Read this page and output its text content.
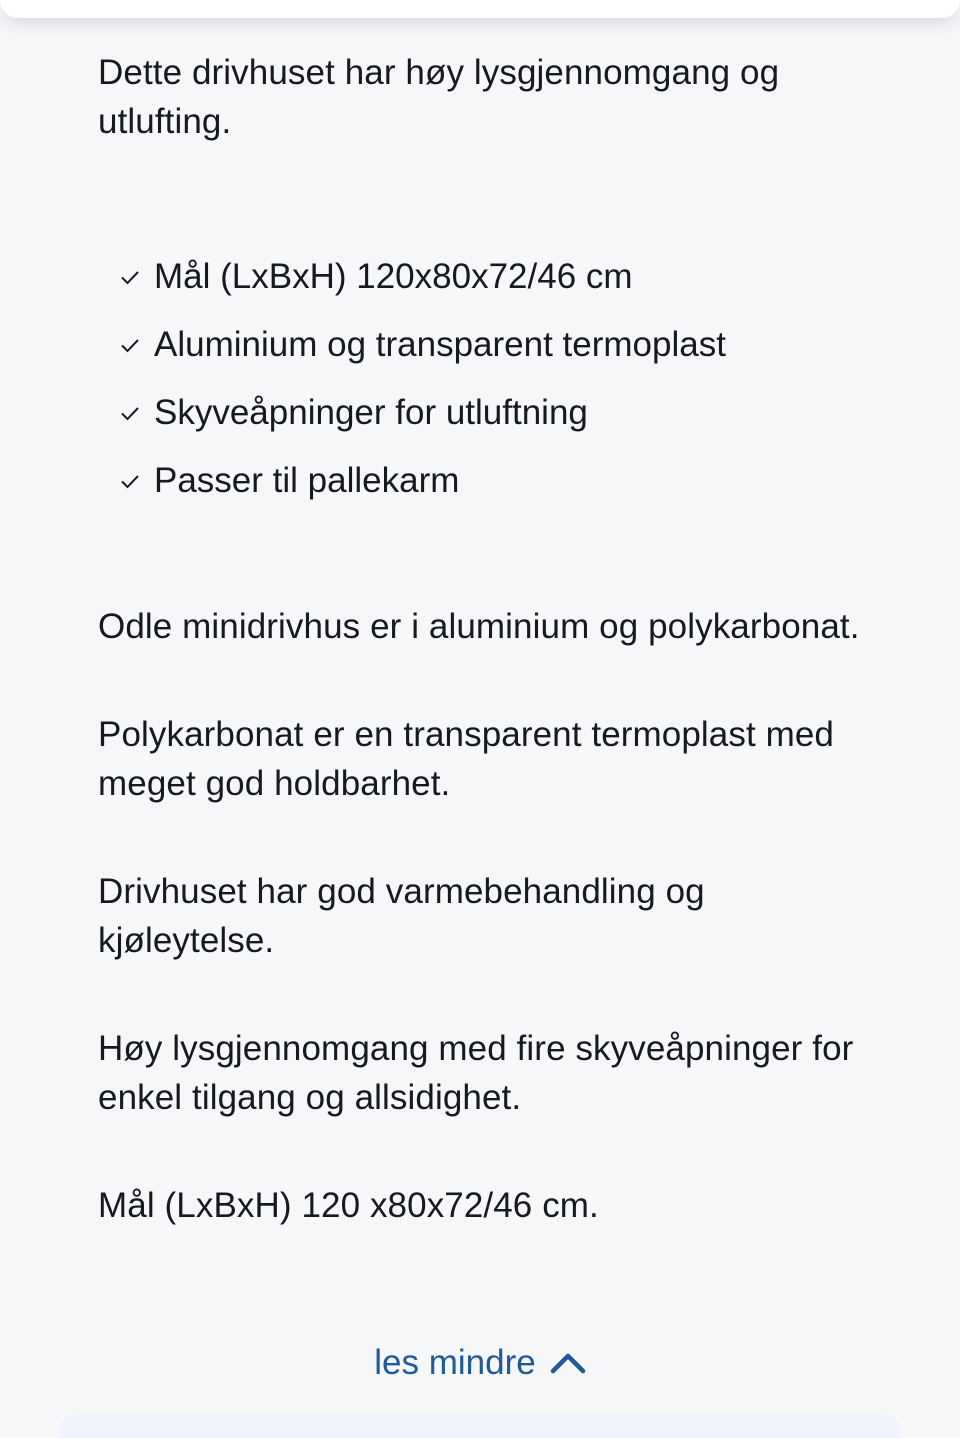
Dette drivhuset har høy lysgjennomgang og utlufting.

Mål (LxBxH) 120x80x72/46 cm
Aluminium og transparent termoplast
Skyveåpninger for utluftning
Passer til pallekarm

Odle minidrivhus er i aluminium og polykarbonat.

Polykarbonat er en transparent termoplast med meget god holdbarhet.

Drivhuset har god varmebehandling og kjøleytelse.

Høy lysgjennomgang med fire skyveåpninger for enkel tilgang og allsidighet.

Mål (LxBxH) 120 x80x72/46 cm.

les mindre
